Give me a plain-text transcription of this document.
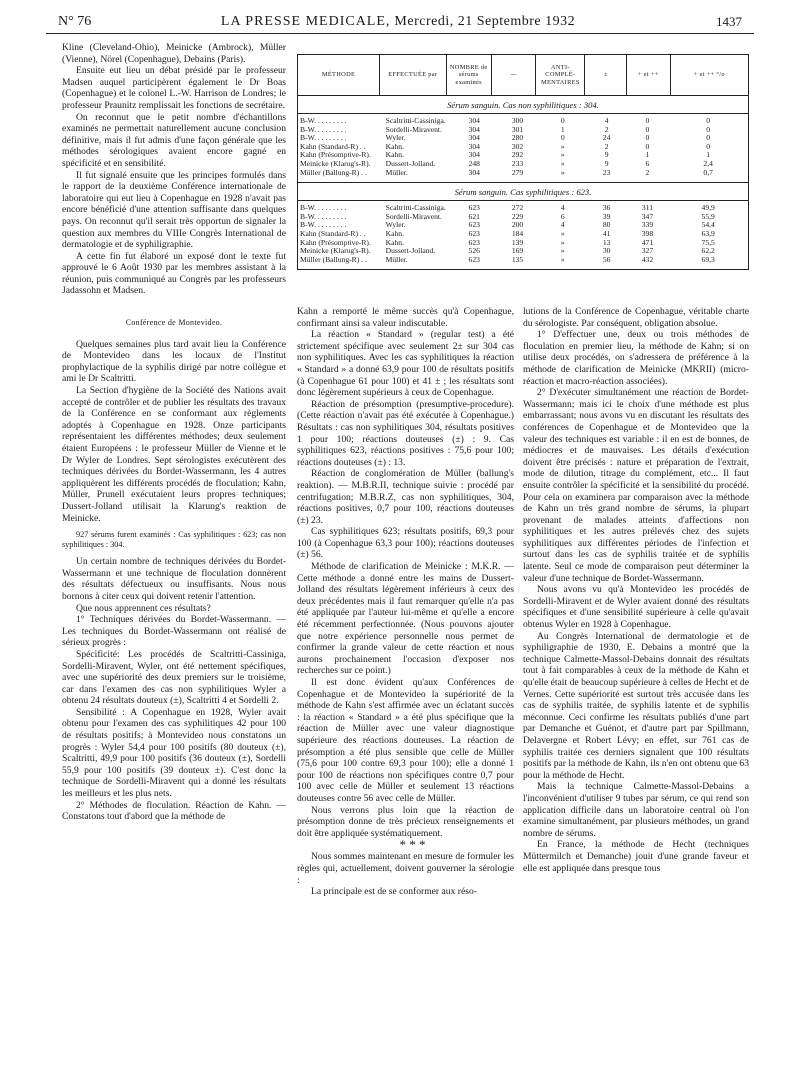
N° 76	LA PRESSE MEDICALE, Mercredi, 21 Septembre 1932	1437

Kline (Cleveland-Ohio), Meinicke (Ambrock), Müller (Vienne), Nörel (Copenhague), Debains (Paris).

Ensuite eut lieu un débat présidé par le professeur Madsen auquel participèrent également le Dr Boas (Copenhague) et le colonel L.-W. Harrison de Londres; le professeur Praunitz remplissait les fonctions de secrétaire.

On reconnut que le petit nombre d'échantillons examinés ne permettait naturellement aucune conclusion définitive, mais il fut admis d'une façon générale que les méthodes sérologiques avaient encore gagné en spécificité et en sensibilité.

Il fut signalé ensuite que les principes formulés dans le rapport de la deuxième Conférence internationale de laboratoire qui eut lieu à Copenhague en 1928 n'avait pas encore bénéficié d'une attention suffisante dans quelques pays. On reconnut qu'il serait très opportun de signaler la question aux membres du VIIIe Congrès International de dermatologie et de syphiligraphie.

A cette fin fut élaboré un exposé dont le texte fut approuvé le 6 Août 1930 par les membres assistant à la réunion, puis communiqué au Congrès par les professeurs Jadassohn et Madsen.

Conférence de Montevideo.

Quelques semaines plus tard avait lieu la Conférence de Montevideo dans les locaux de l'Institut prophylactique de la syphilis dirigé par notre collègue et ami le Dr Scaltritti.

La Section d'hygiène de la Société des Nations avait accepté de contrôler et de publier les résultats des travaux de la Conférence en se conformant aux règlements adoptés à Copenhague en 1928. Onze participants représentaient les différentes méthodes; deux seulement étaient Européens : le professeur Müller de Vienne et le Dr Wyler de Londres. Sept sérologistes exécutèrent des techniques dérivées du Bordet-Wassermann, les 4 autres appliquèrent les différents procédés de floculation; Kahn, Müller, Prunell exécutaient leurs propres techniques; Dussert-Jolland utilisait la Klarung's reaktion de Meinicke.

927 sérums furent examinés : Cas syphilitiques : 623; cas non syphilitiques : 304.

Un certain nombre de techniques dérivées du Bordet-Wassermann et une technique de floculation donnèrent des résultats défectueux ou insuffisants. Nous nous bornons à citer ceux qui doivent retenir l'attention.

Que nous apprennent ces résultats?

1° Techniques dérivées du Bordet-Wassermann. — Les techniques du Bordet-Wassermann ont réalisé de sérieux progrès :

Spécificité: Les procédés de Scaltritti-Cassiniga, Sordelli-Miravent, Wyler, ont été nettement spécifiques, avec une supériorité des deux premiers sur le troisième, car dans l'examen des cas non syphilitiques Wyler a obtenu 24 résultats douteux (±), Scaltritti 4 et Sordelli 2.

Sensibilité : A Copenhague en 1928, Wyler avait obtenu pour l'examen des cas syphilitiques 42 pour 100 de résultats positifs; à Montevideo nous constatons un progrès : Wyler 54,4 pour 100 positifs (80 douteux (±), Scaltritti, 49,9 pour 100 positifs (36 douteux (±), Sordelli 55,9 pour 100 positifs (39 douteux ±). C'est donc la technique de Sordelli-Miravent qui a donné les résultats les meilleurs et les plus nets.

2° Méthodes de floculation. Réaction de Kahn. — Constatons tout d'abord que la méthode de

MÉTHODE	EFFECTUÉE par
NOMBRE de sérums examinés
—
ANTI-COMPLÉ-MENTAIRES
±	+ et ++	+ et ++ °/o
Sérum sanguin. Cas non syphilitiques : 304.
B-W. . . . . . . . .	Scaltritti-Cassiniga.	304	300	0	4	0	0
B-W. . . . . . . . .	Sordelli-Miravent.	304	301	1	2	0	0
B-W. . . . . . . . .	Wyler.	304	280	0	24	0	0
Kahn (Standard-R) . .	Kahn.	304	302	»	2	0	0
Kahn (Présomptive-R).	Kahn.	304	292	»	9	1	1
Meinicke (Klarug's-R).	Dussert-Jolland.	248	233	»	9	6	2,4
Müller (Ballung-R) . .	Müller.	304	279	»	23	2	0,7
Sérum sanguin. Cas syphilitiques : 623.
B-W. . . . . . . . .	Scaltritti-Cassiniga.	623	272	4	36	311	49,9
B-W. . . . . . . . .	Sordelli-Miravent.	621	229	6	39	347	55,9
B-W. . . . . . . . .	Wyler.	623	200	4	80	339	54,4
Kahn (Standard-R) . .	Kahn.	623	184	»	41	398	63,9
Kahn (Présomptive-R).	Kahn.	623	139	»	13	471	75,5
Meinicke (Klarug's-R).	Dussert-Jolland.	526	169	»	30	327	62,2
Müller (Ballung-R) . .	Müller.	623	135	»	56	432	69,3

Kahn a remporté le même succès qu'à Copenhague, confirmant ainsi sa valeur indiscutable.

La réaction « Standard » (regular test) a été strictement spécifique avec seulement 2± sur 304 cas non syphilitiques. Avec les cas syphilitiques la réaction « Standard » a donné 63,9 pour 100 de résultats positifs (à Copenhague 61 pour 100) et 41 ± ; les résultats sont donc légèrement supérieurs à ceux de Copenhague.

Réaction de présomption (presumptive-procedure). (Cette réaction n'avait pas été exécutée à Copenhague.) Résultats : cas non syphilitiques 304, résultats positives 1 pour 100; réactions douteuses (±) : 9. Cas syphilitiques 623, réactions positives : 75,6 pour 100; réactions douteuses (±) : 13.

Réaction de conglomération de Müller (ballung's reaktion). — M.B.R.II, technique suivie : procédé par centrifugation; M.B.R.Z, cas non syphilitiques, 304, réactions positives, 0,7 pour 100, réactions douteuses (±) 23.

Cas syphilitiques 623; résultats positifs, 69,3 pour 100 (à Copenhague 63,3 pour 100); réactions douteuses (±) 56.

Méthode de clarification de Meinicke : M.K.R. — Cette méthode a donné entre les mains de Dussert-Jolland des résultats légèrement inférieurs à ceux des deux précédentes mais il faut remarquer qu'elle n'a pas été appliquée par l'auteur lui-même et qu'elle a encore été récemment perfectionnée. (Nous pouvons ajouter que notre expérience personnelle nous permet de confirmer la grande valeur de cette réaction et nous aurons prochainement l'occasion d'exposer nos recherches sur ce point.)

Il est donc évident qu'aux Conférences de Copenhague et de Montevideo la supériorité de la méthode de Kahn s'est affirmée avec un éclatant succès : la réaction « Standard » a été plus spécifique que la réaction de Müller avec une valeur diagnostique supérieure des réactions douteuses. La réaction de présomption a été plus sensible que celle de Müller (75,6 pour 100 contre 69,3 pour 100); elle a donné 1 pour 100 de réactions non spécifiques contre 0,7 pour 100 avec celle de Müller et seulement 13 réactions douteuses contre 56 avec celle de Müller.

Nous verrons plus loin que la réaction de présomption donne de très précieux renseignements et doit être appliquée systématiquement.

* * *

Nous sommes maintenant en mesure de formuler les règles qui, actuellement, doivent gouverner la sérologie :

La principale est de se conformer aux réso-

lutions de la Conférence de Copenhague, véritable charte du sérologiste. Par conséquent, obligation absolue.

1° D'effectuer une, deux ou trois méthodes de floculation en premier lieu, la méthode de Kahn; si on utilise deux procédés, on s'adressera de préférence à la méthode de clarification de Meinicke (MKRII) (micro-réaction et macro-réaction associées).

2° D'exécuter simultanément une réaction de Bordet-Wassermann; mais ici le choix d'une méthode est plus embarrassant; nous avons vu en discutant les résultats des conférences de Copenhague et de Montevideo que la valeur des techniques est variable : il en est de bonnes, de médiocres et de mauvaises. Les détails d'exécution doivent être précisés : nature et préparation de l'extrait, mode de dilution, titrage du complément, etc... Il faut ensuite contrôler la spécificité et la sensibilité du procédé. Pour cela on examinera par comparaison avec la méthode de Kahn un très grand nombre de sérums, la plupart provenant de malades atteints d'affections non syphilitiques et les autres prélevés chez des sujets syphilitiques aux différentes périodes de l'infection et surtout dans les cas de syphilis traitée et de syphilis latente. Seul ce mode de comparaison peut déterminer la valeur d'une technique de Bordet-Wassermann.

Nous avons vu qu'à Montevideo les procédés de Sordelli-Miravent et de Wyler avaient donné des résultats spécifiques et d'une sensibilité supérieure à celle qu'avait obtenus Wyler en 1928 à Copenhague.

Au Congrès International de dermatologie et de syphiligraphie de 1930, E. Debains a montré que la technique Calmette-Massol-Debains donnait des résultats tout à fait comparables à ceux de la méthode de Kahn et qu'elle était de beaucoup supérieure à celles de Hecht et de Vernes. Cette supériorité est surtout très accusée dans les cas de syphilis traitée, de syphilis latente et de syphilis méconnue. Ceci confirme les résultats publiés d'une part par Demanche et Guénot, et d'autre part par Spillmann, Delavergne et Robert Lévy; en effet, sur 761 cas de syphilis traitée ces derniers signalent que 100 résultats positifs par la méthode de Kahn, ils n'en ont obtenu que 63 pour la méthode de Hecht.

Mais la technique Calmette-Massol-Debains a l'inconvénient d'utiliser 9 tubes par sérum, ce qui rend son application difficile dans un laboratoire central où l'on examine simultanément, par plusieurs méthodes, un grand nombre de sérums.

En France, la méthode de Hecht (techniques Müttermilch et Demanche) jouit d'une grande faveur et elle est appliquée dans presque tous
